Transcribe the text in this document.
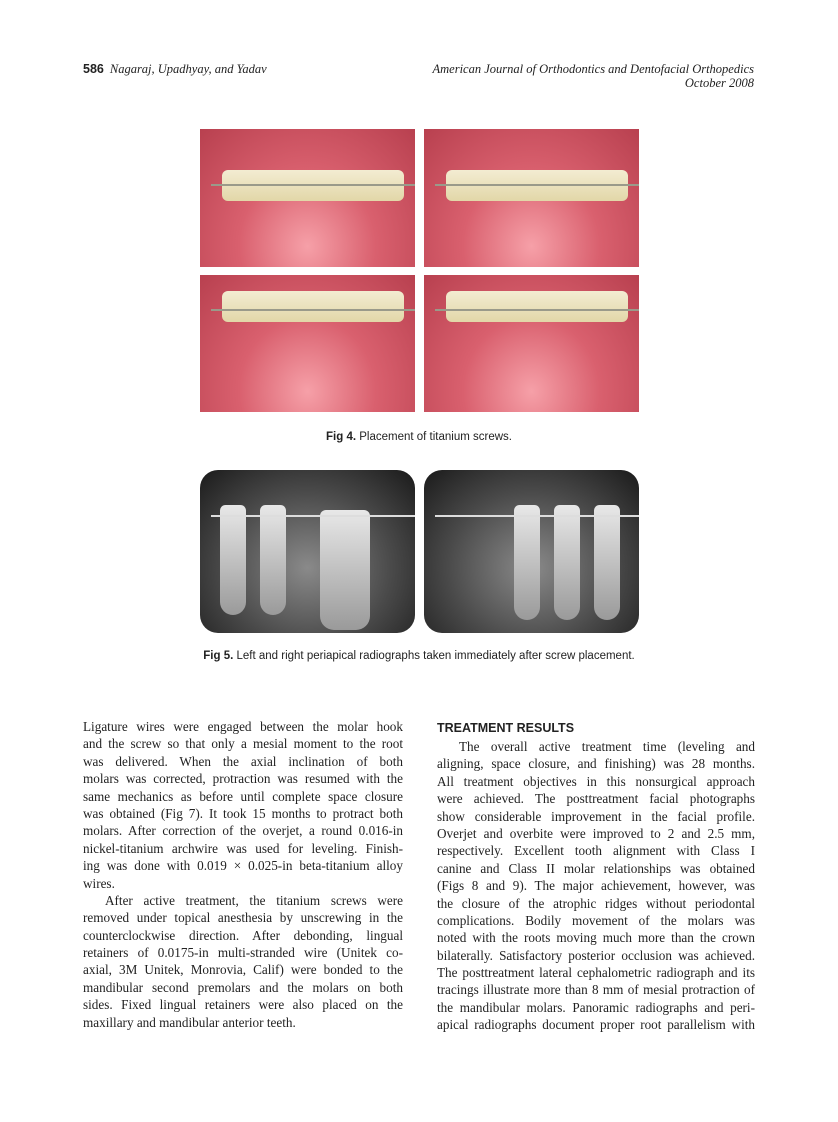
586 Nagaraj, Upadhyay, and Yadav	American Journal of Orthodontics and Dentofacial Orthopedics
October 2008
Fig 4. Placement of titanium screws.
Fig 5. Left and right periapical radiographs taken immediately after screw placement.
Ligature wires were engaged between the molar hook
and the screw so that only a mesial moment to the root
was delivered. When the axial inclination of both
molars was corrected, protraction was resumed with the
same mechanics as before until complete space closure
was obtained (Fig 7). It took 15 months to protract both
molars. After correction of the overjet, a round 0.016-in
nickel-titanium archwire was used for leveling. Finish-
ing was done with 0.019 × 0.025-in beta-titanium alloy
wires.
After active treatment, the titanium screws were
removed under topical anesthesia by unscrewing in the
counterclockwise direction. After debonding, lingual
retainers of 0.0175-in multi-stranded wire (Unitek co-
axial, 3M Unitek, Monrovia, Calif) were bonded to the
mandibular second premolars and the molars on both
sides. Fixed lingual retainers were also placed on the
maxillary and mandibular anterior teeth.
TREATMENT RESULTS
The overall active treatment time (leveling and
aligning, space closure, and finishing) was 28 months.
All treatment objectives in this nonsurgical approach
were achieved. The posttreatment facial photographs
show considerable improvement in the facial profile.
Overjet and overbite were improved to 2 and 2.5 mm,
respectively. Excellent tooth alignment with Class I
canine and Class II molar relationships was obtained
(Figs 8 and 9). The major achievement, however, was
the closure of the atrophic ridges without periodontal
complications. Bodily movement of the molars was
noted with the roots moving much more than the crown
bilaterally. Satisfactory posterior occlusion was achieved.
The posttreatment lateral cephalometric radiograph and its
tracings illustrate more than 8 mm of mesial protraction of
the mandibular molars. Panoramic radiographs and peri-
apical radiographs document proper root parallelism with
